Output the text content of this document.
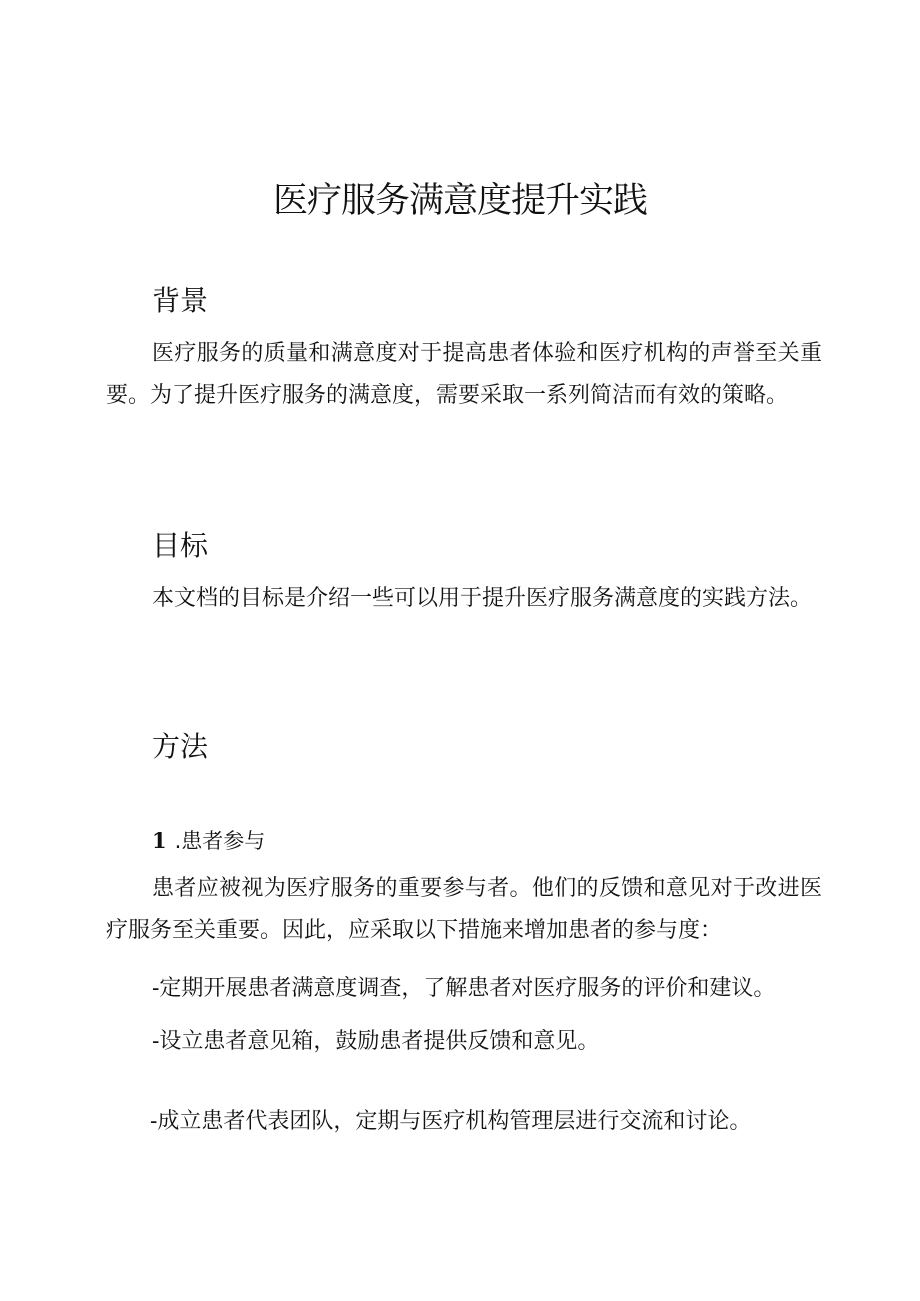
医疗服务满意度提升实践
背景
医疗服务的质量和满意度对于提高患者体验和医疗机构的声誉至关重要。为了提升医疗服务的满意度，需要采取一系列简洁而有效的策略。
目标
本文档的目标是介绍一些可以用于提升医疗服务满意度的实践方法。
方法
1 .患者参与
患者应被视为医疗服务的重要参与者。他们的反馈和意见对于改进医疗服务至关重要。因此，应采取以下措施来增加患者的参与度：
-定期开展患者满意度调查，了解患者对医疗服务的评价和建议。
-设立患者意见箱，鼓励患者提供反馈和意见。
-成立患者代表团队，定期与医疗机构管理层进行交流和讨论。
